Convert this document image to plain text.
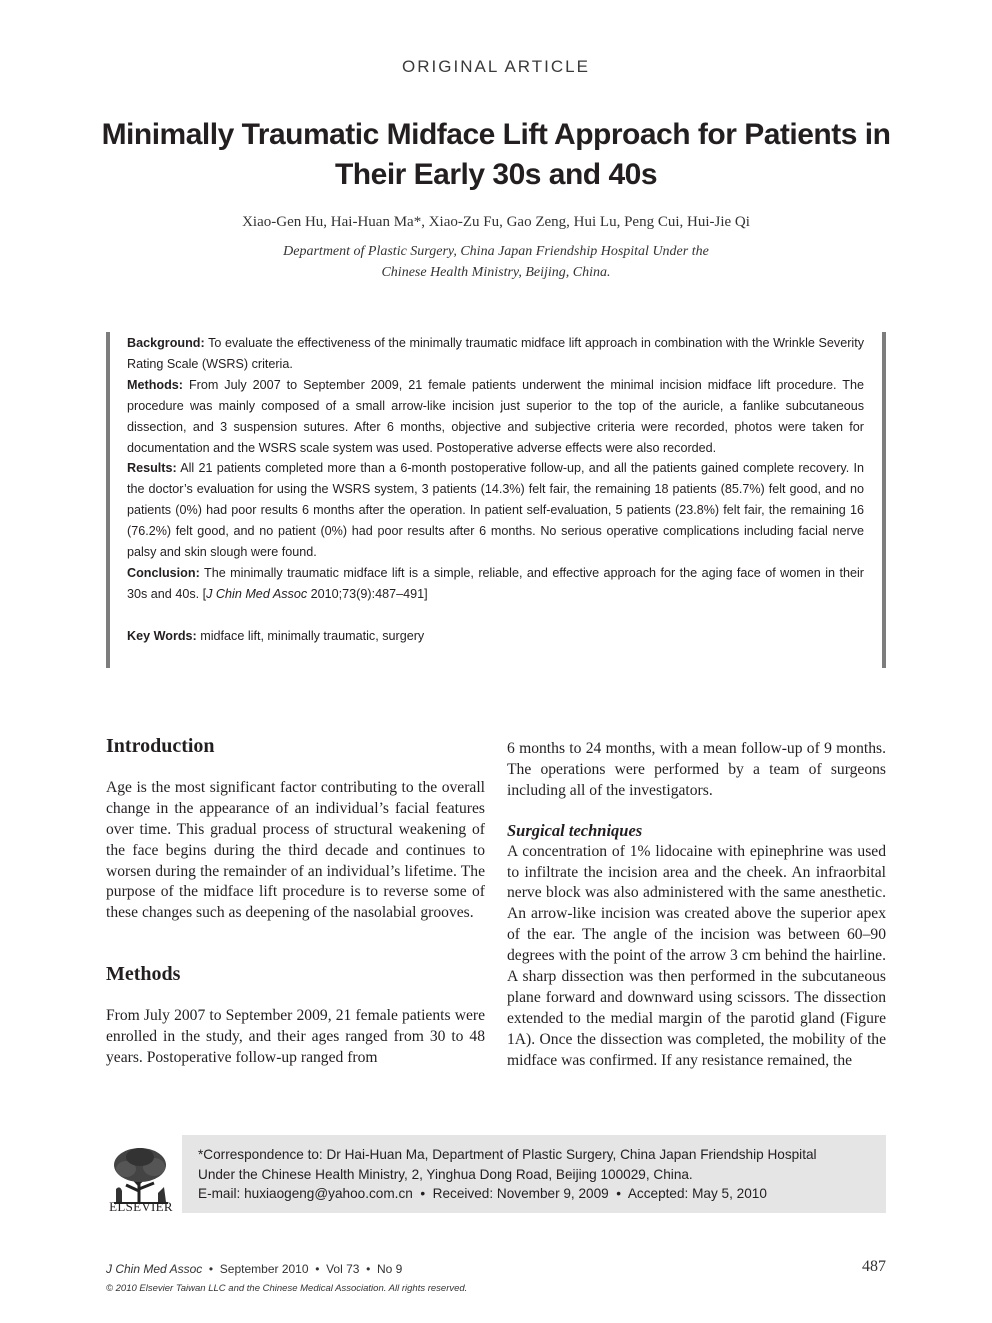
ORIGINAL ARTICLE
Minimally Traumatic Midface Lift Approach for Patients in Their Early 30s and 40s
Xiao-Gen Hu, Hai-Huan Ma*, Xiao-Zu Fu, Gao Zeng, Hui Lu, Peng Cui, Hui-Jie Qi
Department of Plastic Surgery, China Japan Friendship Hospital Under the
Chinese Health Ministry, Beijing, China.

Background: To evaluate the effectiveness of the minimally traumatic midface lift approach in combination with the Wrinkle Severity Rating Scale (WSRS) criteria.

Methods: From July 2007 to September 2009, 21 female patients underwent the minimal incision midface lift procedure. The procedure was mainly composed of a small arrow-like incision just superior to the top of the auricle, a fanlike subcutaneous dissection, and 3 suspension sutures. After 6 months, objective and subjective criteria were recorded, photos were taken for documentation and the WSRS scale system was used. Postoperative adverse effects were also recorded.

Results: All 21 patients completed more than a 6-month postoperative follow-up, and all the patients gained complete recovery. In the doctor’s evaluation for using the WSRS system, 3 patients (14.3%) felt fair, the remaining 18 patients (85.7%) felt good, and no patients (0%) had poor results 6 months after the operation. In patient self-evaluation, 5 patients (23.8%) felt fair, the remaining 16 (76.2%) felt good, and no patient (0%) had poor results after 6 months. No serious operative complications including facial nerve palsy and skin slough were found.

Conclusion: The minimally traumatic midface lift is a simple, reliable, and effective approach for the aging face of women in their 30s and 40s. [J Chin Med Assoc 2010;73(9):487–491]

Key Words: midface lift, minimally traumatic, surgery

Introduction

Age is the most significant factor contributing to the overall change in the appearance of an individual’s facial features over time. This gradual process of structural weakening of the face begins during the third decade and continues to worsen during the remainder of an individual’s lifetime. The purpose of the midface lift procedure is to reverse some of these changes such as deepening of the nasolabial grooves.

Methods

From July 2007 to September 2009, 21 female patients were enrolled in the study, and their ages ranged from 30 to 48 years. Postoperative follow-up ranged from

6 months to 24 months, with a mean follow-up of 9 months. The operations were performed by a team of surgeons including all of the investigators.

Surgical techniques

A concentration of 1% lidocaine with epinephrine was used to infiltrate the incision area and the cheek. An infraorbital nerve block was also administered with the same anesthetic. An arrow-like incision was created above the superior apex of the ear. The angle of the incision was between 60–90 degrees with the point of the arrow 3 cm behind the hairline. A sharp dissection was then performed in the subcutaneous plane forward and downward using scissors. The dissection extended to the medial margin of the parotid gland (Figure 1A). Once the dissection was completed, the mobility of the midface was confirmed. If any resistance remained, the

ELSEVIER
*Correspondence to: Dr Hai-Huan Ma, Department of Plastic Surgery, China Japan Friendship Hospital
Under the Chinese Health Ministry, 2, Yinghua Dong Road, Beijing 100029, China.
E-mail: huxiaogeng@yahoo.com.cn  •  Received: November 9, 2009  •  Accepted: May 5, 2010
J Chin Med Assoc  •  September 2010  •  Vol 73  •  No 9
© 2010 Elsevier Taiwan LLC and the Chinese Medical Association. All rights reserved.
487
